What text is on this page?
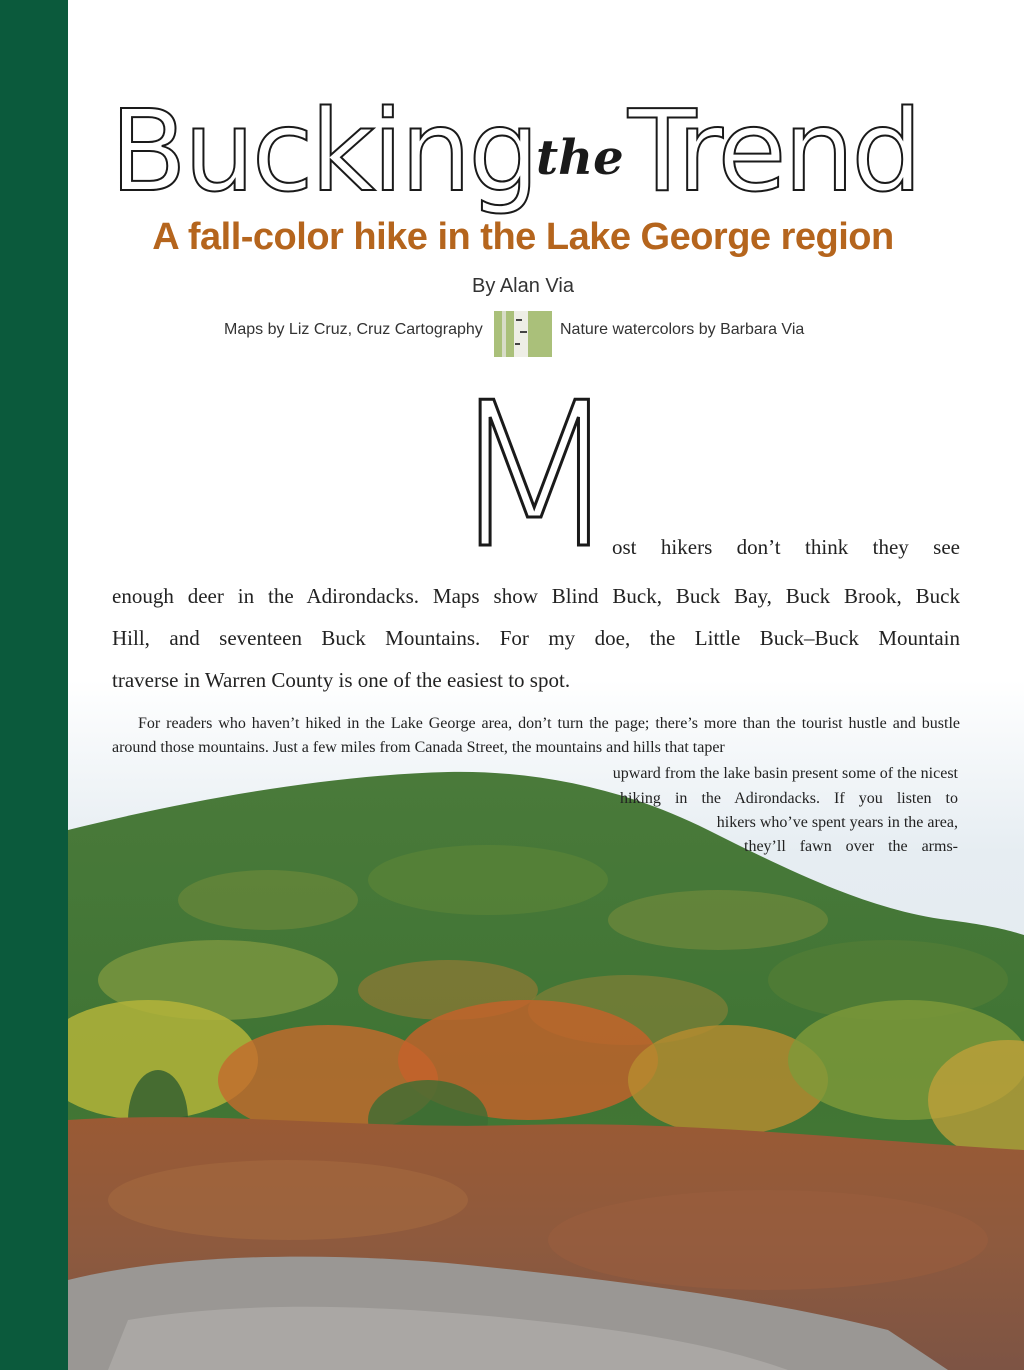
Bucking the Trend
A fall-color hike in the Lake George region
By Alan Via
Maps by Liz Cruz, Cruz Cartography	Nature watercolors by Barbara Via
M
ost hikers don’t think they see
enough deer in the Adirondacks. Maps show Blind Buck, Buck Bay, Buck Brook, Buck
Hill, and seventeen Buck Mountains. For my doe, the Little Buck–Buck Mountain
traverse in Warren County is one of the easiest to spot.
For readers who haven’t hiked in the Lake George area, don’t turn the page; there’s more than the tourist hustle and bustle around those mountains. Just a few miles from Canada Street, the mountains and hills that taper
upward from the lake basin present some of the nicest
hiking in the Adirondacks. If you listen to
hikers who’ve spent years in the area,
they’ll fawn over the arms-
